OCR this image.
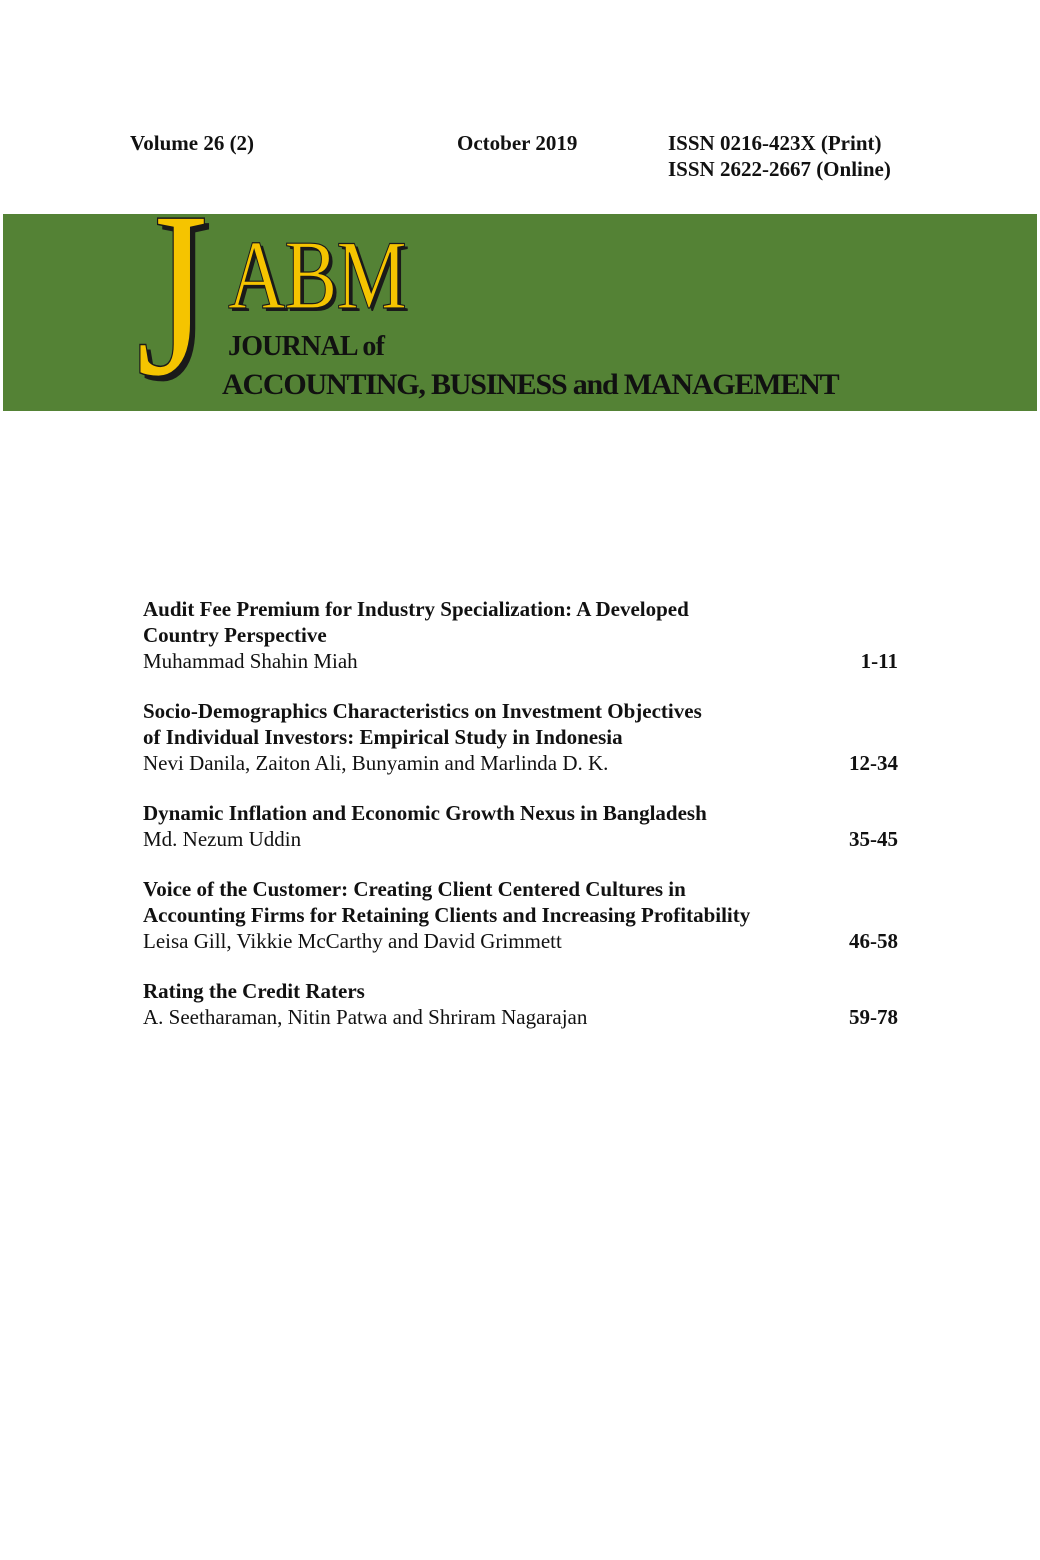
Volume 26 (2)	October 2019	ISSN 0216-423X (Print)
ISSN 2622-2667 (Online)
J ABM
JOURNAL of
ACCOUNTING, BUSINESS and MANAGEMENT
Audit Fee Premium for Industry Specialization: A Developed
Country Perspective
Muhammad Shahin Miah	1-11
Socio-Demographics Characteristics on Investment Objectives
of Individual Investors: Empirical Study in Indonesia
Nevi Danila, Zaiton Ali, Bunyamin and Marlinda D. K.	12-34
Dynamic Inflation and Economic Growth Nexus in Bangladesh
Md. Nezum Uddin	35-45
Voice of the Customer: Creating Client Centered Cultures in
Accounting Firms for Retaining Clients and Increasing Profitability
Leisa Gill, Vikkie McCarthy and David Grimmett	46-58
Rating the Credit Raters
A. Seetharaman, Nitin Patwa and Shriram Nagarajan	59-78
